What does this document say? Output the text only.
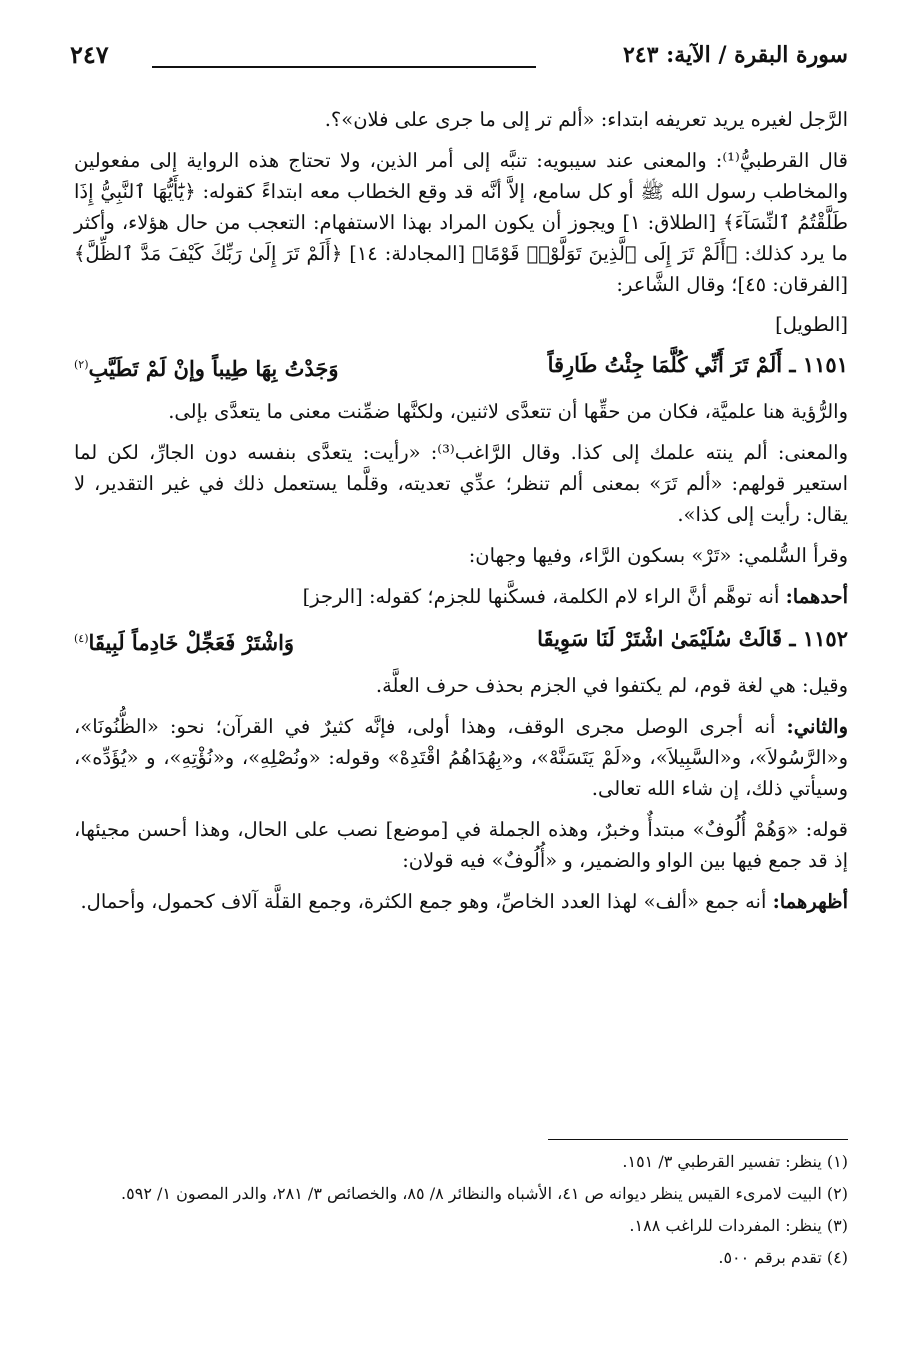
سورة البقرة / الآية: ٢٤٣
٢٤٧

الرَّجل لغيره يريد تعريفه ابتداء: «ألم تر إلى ما جرى على فلان»؟.

قال القرطبيُّ⁽¹⁾: والمعنى عند سيبويه: تنبَّه إلى أمر الذين، ولا تحتاج هذه الرواية إلى مفعولين والمخاطب رسول الله ﷺ أو كل سامع، إلاَّ أنَّه قد وقع الخطاب معه ابتداءً كقوله: ﴿يَٰٓأَيُّهَا ٱلنَّبِيُّ إِذَا طَلَّقْتُمُ ٱلنِّسَآءَ﴾ [الطلاق: ١] ويجوز أن يكون المراد بهذا الاستفهام: التعجب من حال هؤلاء، وأكثر ما يرد كذلك: ﴿أَلَمْ تَرَ إِلَى ٱلَّذِينَ تَوَلَّوْا۟ قَوْمًا﴾ [المجادلة: ١٤] ﴿أَلَمْ تَرَ إِلَىٰ رَبِّكَ كَيْفَ مَدَّ ٱلظِّلَّ﴾ [الفرقان: ٤٥]؛ وقال الشَّاعر:

[الطويل]

١١٥١ ـ أَلَمْ تَرَ أَنِّي كُلَّمَا جِئْتُ طَارِقاً
وَجَدْتُ بِهَا طِيباً وإنْ لَمْ تَطَيَّبِ$^{(٢)}$

والرُّؤية هنا علميَّة، فكان من حقِّها أن تتعدَّى لاثنين، ولكنَّها ضمِّنت معنى ما يتعدَّى بإلى.

والمعنى: ألم ينته علمك إلى كذا. وقال الرَّاغب⁽³⁾: «رأيت: يتعدَّى بنفسه دون الجارِّ، لكن لما استعير قولهم: «ألم تَرَ» بمعنى ألم تنظر؛ عدِّي تعديته، وقلَّما يستعمل ذلك في غير التقدير، لا يقال: رأيت إلى كذا».

وقرأ السُّلمي: «تَرْ» بسكون الرَّاء، وفيها وجهان:

أحدهما: أنه توهَّم أنَّ الراء لام الكلمة، فسكَّنها للجزم؛ كقوله: [الرجز]

١١٥٢ ـ قَالَتْ سُلَيْمَىٰ اشْتَرْ لَنَا سَوِيقَا
وَاشْتَرْ فَعَجِّلْ خَادِماً لَبِيقَا$^{(٤)}$

وقيل: هي لغة قوم، لم يكتفوا في الجزم بحذف حرف العلَّة.

والثاني: أنه أجرى الوصل مجرى الوقف، وهذا أولى، فإنَّه كثيرٌ في القرآن؛ نحو: «الظُّنُونَا»، و«الرَّسُولاَ»، و«السَّبِيلاَ»، و«لَمْ يَتَسَنَّهْ»، و«بِهُدَاهُمُ اقْتَدِهْ» وقوله: «ونُصْلِهِ»، و«نُؤْتِهِ»، و «يُؤَدِّه»، وسيأتي ذلك، إن شاء الله تعالى.

قوله: «وَهُمْ أُلُوفٌ» مبتدأٌ وخبرٌ، وهذه الجملة في [موضع] نصب على الحال، وهذا أحسن مجيئها، إذ قد جمع فيها بين الواو والضمير، و «أُلُوفٌ» فيه قولان:

أظهرهما: أنه جمع «ألف» لهذا العدد الخاصِّ، وهو جمع الكثرة، وجمع القلَّة آلاف كحمول، وأحمال.

(١) ينظر: تفسير القرطبي ٣/ ١٥١.

(٢) البيت لامرىء القيس ينظر ديوانه ص ٤١، الأشباه والنظائر ٨/ ٨٥، والخصائص ٣/ ٢٨١، والدر المصون ١/ ٥٩٢.

(٣) ينظر: المفردات للراغب ١٨٨.

(٤) تقدم برقم ٥٠٠.
